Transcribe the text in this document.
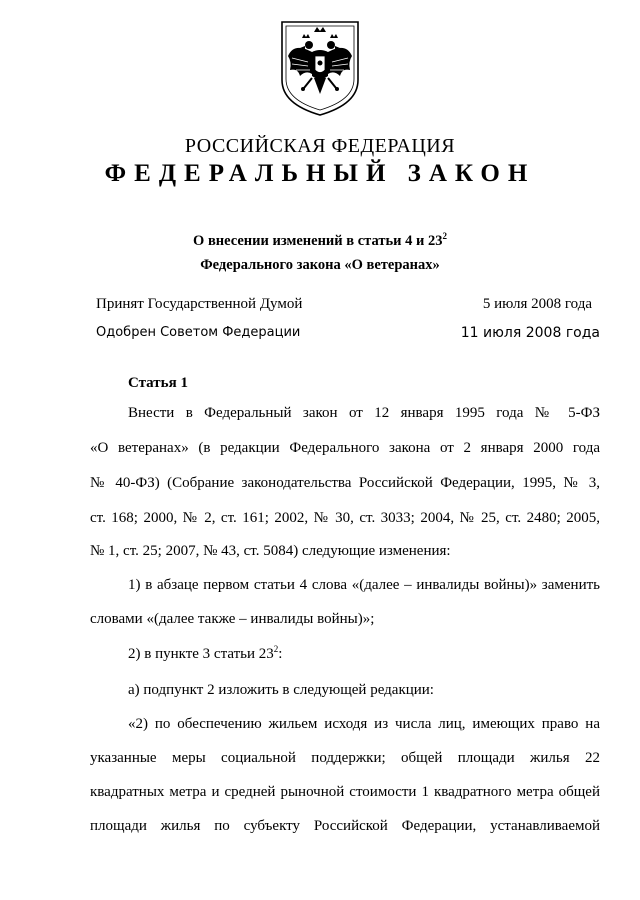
РОССИЙСКАЯ ФЕДЕРАЦИЯ
ФЕДЕРАЛЬНЫЙ ЗАКОН
О внесении изменений в статьи 4 и $23^2$
Федерального закона «О ветеранах»
Принят Государственной Думой	5 июля 2008 года
Одобрен Советом Федерации	11 июля 2008 года
Статья 1
Внести в Федеральный закон от 12 января 1995 года № 5-ФЗ
«О ветеранах» (в редакции Федерального закона от 2 января 2000 года
№ 40-ФЗ) (Собрание законодательства Российской Федерации, 1995, № 3,
ст. 168; 2000, № 2, ст. 161; 2002, № 30, ст. 3033; 2004, № 25, ст. 2480; 2005,
№ 1, ст. 25; 2007, № 43, ст. 5084) следующие изменения:
1) в абзаце первом статьи 4 слова «(далее – инвалиды войны)» заменить
словами «(далее также – инвалиды войны)»;
2) в пункте 3 статьи $23^2$:
а) подпункт 2 изложить в следующей редакции:
«2) по обеспечению жильем исходя из числа лиц, имеющих право на
указанные меры социальной поддержки; общей площади жилья 22
квадратных метра и средней рыночной стоимости 1 квадратного метра общей
площади жилья по субъекту Российской Федерации, устанавливаемой
